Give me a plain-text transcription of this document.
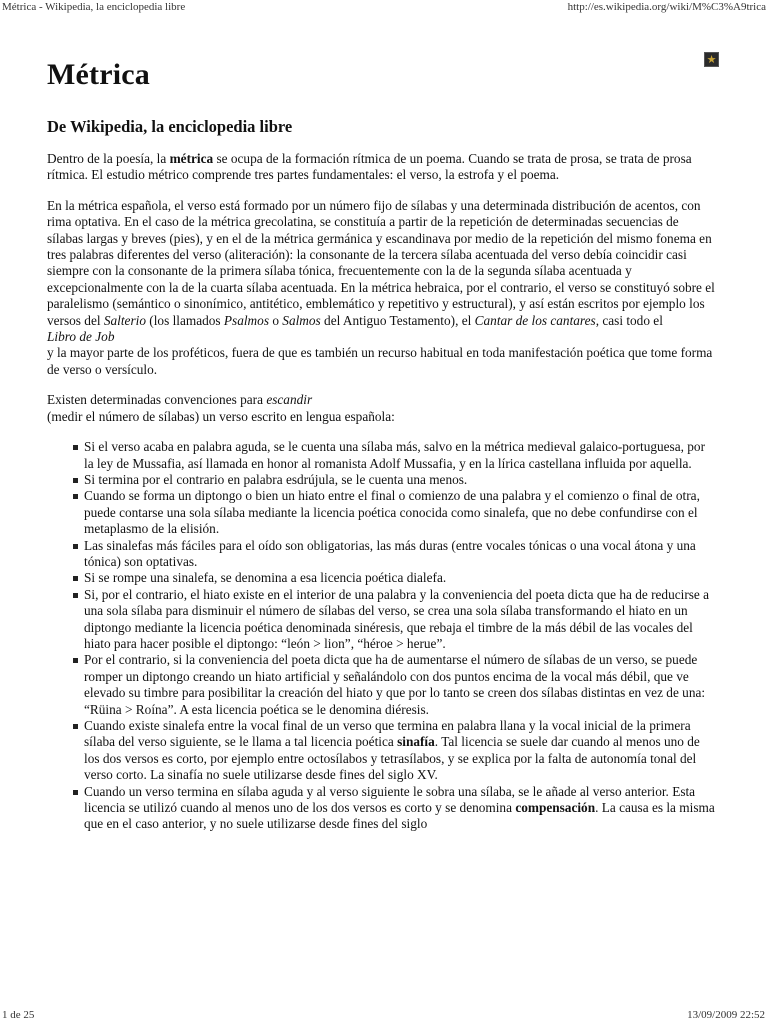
Métrica - Wikipedia, la enciclopedia libre	http://es.wikipedia.org/wiki/M%C3%A9trica
★
Métrica
De Wikipedia, la enciclopedia libre

Dentro de la poesía, la métrica se ocupa de la formación rítmica de un poema. Cuando se trata de prosa, se trata de prosa rítmica. El estudio métrico comprende tres partes fundamentales: el verso, la estrofa y el poema.

En la métrica española, el verso está formado por un número fijo de sílabas y una determinada distribución de acentos, con rima optativa. En el caso de la métrica grecolatina, se constituía a partir de la repetición de determinadas secuencias de sílabas largas y breves (pies), y en el de la métrica germánica y escandinava por medio de la repetición del mismo fonema en tres palabras diferentes del verso (aliteración): la consonante de la tercera sílaba acentuada del verso debía coincidir casi siempre con la consonante de la primera sílaba tónica, frecuentemente con la de la segunda sílaba acentuada y excepcionalmente con la de la cuarta sílaba acentuada. En la métrica hebraica, por el contrario, el verso se constituyó sobre el paralelismo (semántico o sinonímico, antitético, emblemático y repetitivo y estructural), y así están escritos por ejemplo los versos del Salterio (los llamados Psalmos o Salmos del Antiguo Testamento), el Cantar de los cantares, casi todo el
Libro de Job
y la mayor parte de los proféticos, fuera de que es también un recurso habitual en toda manifestación poética que tome forma de verso o versículo.

Existen determinadas convenciones para escandir
(medir el número de sílabas) un verso escrito en lengua española:

Si el verso acaba en palabra aguda, se le cuenta una sílaba más, salvo en la métrica medieval galaico-portuguesa, por la ley de Mussafia, así llamada en honor al romanista Adolf Mussafia, y en la lírica castellana influida por aquella.
Si termina por el contrario en palabra esdrújula, se le cuenta una menos.
Cuando se forma un diptongo o bien un hiato entre el final o comienzo de una palabra y el comienzo o final de otra, puede contarse una sola sílaba mediante la licencia poética conocida como sinalefa, que no debe confundirse con el metaplasmo de la elisión.
Las sinalefas más fáciles para el oído son obligatorias, las más duras (entre vocales tónicas o una vocal átona y una tónica) son optativas.
Si se rompe una sinalefa, se denomina a esa licencia poética dialefa.
Si, por el contrario, el hiato existe en el interior de una palabra y la conveniencia del poeta dicta que ha de reducirse a una sola sílaba para disminuir el número de sílabas del verso, se crea una sola sílaba transformando el hiato en un diptongo mediante la licencia poética denominada sinéresis, que rebaja el timbre de la más débil de las vocales del hiato para hacer posible el diptongo: “león > lion”, “héroe > herue”.
Por el contrario, si la conveniencia del poeta dicta que ha de aumentarse el número de sílabas de un verso, se puede romper un diptongo creando un hiato artificial y señalándolo con dos puntos encima de la vocal más débil, que ve elevado su timbre para posibilitar la creación del hiato y que por lo tanto se creen dos sílabas distintas en vez de una: “Rüina > Roína”. A esta licencia poética se le denomina diéresis.
Cuando existe sinalefa entre la vocal final de un verso que termina en palabra llana y la vocal inicial de la primera sílaba del verso siguiente, se le llama a tal licencia poética sinafía. Tal licencia se suele dar cuando al menos uno de los dos versos es corto, por ejemplo entre octosílabos y tetrasílabos, y se explica por la falta de autonomía tonal del verso corto. La sinafía no suele utilizarse desde fines del siglo XV.
Cuando un verso termina en sílaba aguda y al verso siguiente le sobra una sílaba, se le añade al verso anterior. Esta licencia se utilizó cuando al menos uno de los dos versos es corto y se denomina compensación. La causa es la misma que en el caso anterior, y no suele utilizarse desde fines del siglo
1 de 25	13/09/2009 22:52
